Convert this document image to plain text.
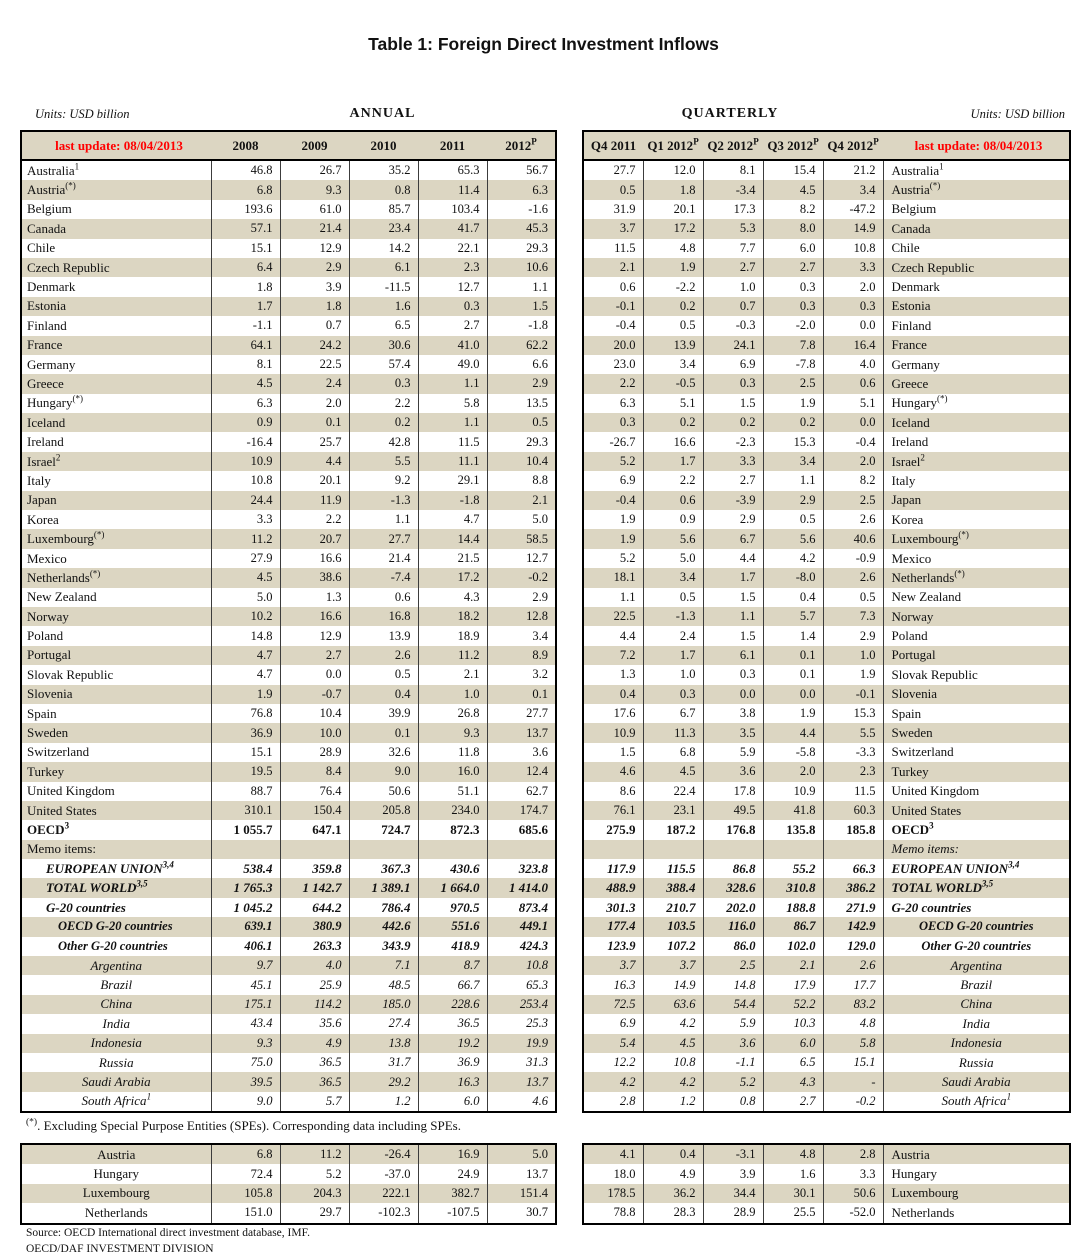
Table 1: Foreign Direct Investment Inflows
Units: USD billion	ANNUAL	QUARTERLY	Units: USD billion
last update: 08/04/2013	2008	2009	2010	2011	$2012^P$
Australia$^1$	46.8	26.7	35.2	65.3	56.7
Austria(*)	6.8	9.3	0.8	11.4	6.3
Belgium	193.6	61.0	85.7	103.4	-1.6
Canada	57.1	21.4	23.4	41.7	45.3
Chile	15.1	12.9	14.2	22.1	29.3
Czech Republic	6.4	2.9	6.1	2.3	10.6
Denmark	1.8	3.9	-11.5	12.7	1.1
Estonia	1.7	1.8	1.6	0.3	1.5
Finland	-1.1	0.7	6.5	2.7	-1.8
France	64.1	24.2	30.6	41.0	62.2
Germany	8.1	22.5	57.4	49.0	6.6
Greece	4.5	2.4	0.3	1.1	2.9
Hungary(*)	6.3	2.0	2.2	5.8	13.5
Iceland	0.9	0.1	0.2	1.1	0.5
Ireland	-16.4	25.7	42.8	11.5	29.3
Israel$^2$	10.9	4.4	5.5	11.1	10.4
Italy	10.8	20.1	9.2	29.1	8.8
Japan	24.4	11.9	-1.3	-1.8	2.1
Korea	3.3	2.2	1.1	4.7	5.0
Luxembourg(*)	11.2	20.7	27.7	14.4	58.5
Mexico	27.9	16.6	21.4	21.5	12.7
Netherlands(*)	4.5	38.6	-7.4	17.2	-0.2
New Zealand	5.0	1.3	0.6	4.3	2.9
Norway	10.2	16.6	16.8	18.2	12.8
Poland	14.8	12.9	13.9	18.9	3.4
Portugal	4.7	2.7	2.6	11.2	8.9
Slovak Republic	4.7	0.0	0.5	2.1	3.2
Slovenia	1.9	-0.7	0.4	1.0	0.1
Spain	76.8	10.4	39.9	26.8	27.7
Sweden	36.9	10.0	0.1	9.3	13.7
Switzerland	15.1	28.9	32.6	11.8	3.6
Turkey	19.5	8.4	9.0	16.0	12.4
United Kingdom	88.7	76.4	50.6	51.1	62.7
United States	310.1	150.4	205.8	234.0	174.7
OECD$^3$	1 055.7	647.1	724.7	872.3	685.6
Memo items:					
EUROPEAN UNION$^{3,4}$	538.4	359.8	367.3	430.6	323.8
TOTAL WORLD$^{3,5}$	1 765.3	1 142.7	1 389.1	1 664.0	1 414.0
G-20 countries	1 045.2	644.2	786.4	970.5	873.4
OECD G-20 countries	639.1	380.9	442.6	551.6	449.1
Other G-20 countries	406.1	263.3	343.9	418.9	424.3
Argentina	9.7	4.0	7.1	8.7	10.8
Brazil	45.1	25.9	48.5	66.7	65.3
China	175.1	114.2	185.0	228.6	253.4
India	43.4	35.6	27.4	36.5	25.3
Indonesia	9.3	4.9	13.8	19.2	19.9
Russia	75.0	36.5	31.7	36.9	31.3
Saudi Arabia	39.5	36.5	29.2	16.3	13.7
South Africa$^1$	9.0	5.7	1.2	6.0	4.6
Q4 2011	Q1 $2012^P$	Q2 $2012^P$	Q3 $2012^P$	Q4 $2012^P$	last update: 08/04/2013
27.7	12.0	8.1	15.4	21.2	Australia$^1$
0.5	1.8	-3.4	4.5	3.4	Austria(*)
31.9	20.1	17.3	8.2	-47.2	Belgium
3.7	17.2	5.3	8.0	14.9	Canada
11.5	4.8	7.7	6.0	10.8	Chile
2.1	1.9	2.7	2.7	3.3	Czech Republic
0.6	-2.2	1.0	0.3	2.0	Denmark
-0.1	0.2	0.7	0.3	0.3	Estonia
-0.4	0.5	-0.3	-2.0	0.0	Finland
20.0	13.9	24.1	7.8	16.4	France
23.0	3.4	6.9	-7.8	4.0	Germany
2.2	-0.5	0.3	2.5	0.6	Greece
6.3	5.1	1.5	1.9	5.1	Hungary(*)
0.3	0.2	0.2	0.2	0.0	Iceland
-26.7	16.6	-2.3	15.3	-0.4	Ireland
5.2	1.7	3.3	3.4	2.0	Israel$^2$
6.9	2.2	2.7	1.1	8.2	Italy
-0.4	0.6	-3.9	2.9	2.5	Japan
1.9	0.9	2.9	0.5	2.6	Korea
1.9	5.6	6.7	5.6	40.6	Luxembourg(*)
5.2	5.0	4.4	4.2	-0.9	Mexico
18.1	3.4	1.7	-8.0	2.6	Netherlands(*)
1.1	0.5	1.5	0.4	0.5	New Zealand
22.5	-1.3	1.1	5.7	7.3	Norway
4.4	2.4	1.5	1.4	2.9	Poland
7.2	1.7	6.1	0.1	1.0	Portugal
1.3	1.0	0.3	0.1	1.9	Slovak Republic
0.4	0.3	0.0	0.0	-0.1	Slovenia
17.6	6.7	3.8	1.9	15.3	Spain
10.9	11.3	3.5	4.4	5.5	Sweden
1.5	6.8	5.9	-5.8	-3.3	Switzerland
4.6	4.5	3.6	2.0	2.3	Turkey
8.6	22.4	17.8	10.9	11.5	United Kingdom
76.1	23.1	49.5	41.8	60.3	United States
275.9	187.2	176.8	135.8	185.8	OECD$^3$
					Memo items:
117.9	115.5	86.8	55.2	66.3	EUROPEAN UNION$^{3,4}$
488.9	388.4	328.6	310.8	386.2	TOTAL WORLD$^{3,5}$
301.3	210.7	202.0	188.8	271.9	G-20 countries
177.4	103.5	116.0	86.7	142.9	OECD G-20 countries
123.9	107.2	86.0	102.0	129.0	Other G-20 countries
3.7	3.7	2.5	2.1	2.6	Argentina
16.3	14.9	14.8	17.9	17.7	Brazil
72.5	63.6	54.4	52.2	83.2	China
6.9	4.2	5.9	10.3	4.8	India
5.4	4.5	3.6	6.0	5.8	Indonesia
12.2	10.8	-1.1	6.5	15.1	Russia
4.2	4.2	5.2	4.3	-	Saudi Arabia
2.8	1.2	0.8	2.7	-0.2	South Africa$^1$
(*). Excluding Special Purpose Entities (SPEs). Corresponding data including SPEs.
Austria	6.8	11.2	-26.4	16.9	5.0
Hungary	72.4	5.2	-37.0	24.9	13.7
Luxembourg	105.8	204.3	222.1	382.7	151.4
Netherlands	151.0	29.7	-102.3	-107.5	30.7
4.1	0.4	-3.1	4.8	2.8	Austria
18.0	4.9	3.9	1.6	3.3	Hungary
178.5	36.2	34.4	30.1	50.6	Luxembourg
78.8	28.3	28.9	25.5	-52.0	Netherlands
Source: OECD International direct investment database, IMF.
OECD/DAF INVESTMENT DIVISION
